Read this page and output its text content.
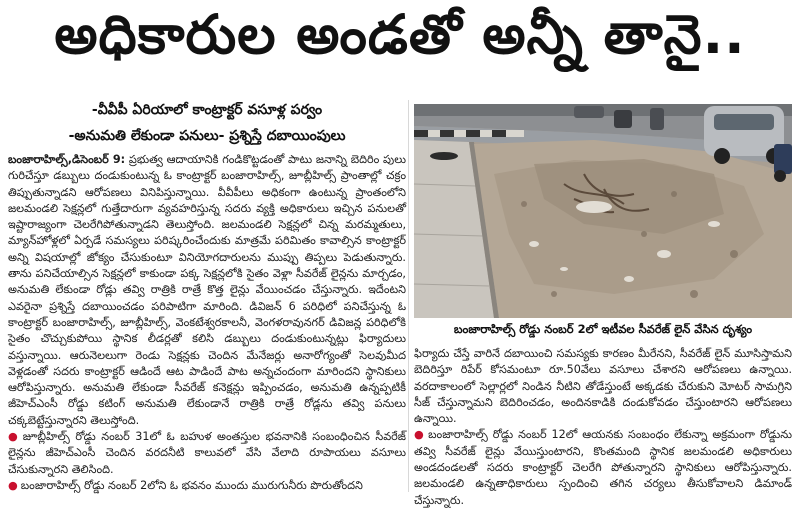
అధికారుల అండతో అన్నీ తానై..
-వీవీపీ ఏరియాలో కాంట్రాక్టర్ వసూళ్ల పర్వం
-అనుమతి లేకుండా పనులు- ప్రశ్నిస్తే దబాయింపులు

బంజారాహిల్స్,డిసెంబర్ 9: ప్రభుత్వ ఆదాయానికి గండికొట్టడంతో పాటు జనాన్ని బెదిరిం పులు గురిచేస్తూ డబ్బులు దండుకుంటున్న ఓ కాంట్రాక్టర్ బంజారాహిల్స్, జూబ్లీహిల్స్ ప్రాంతాల్లో చక్రం తిప్పుతున్నాడని ఆరోపణలు వినిపిస్తున్నాయి. వీవీపీలు అధికంగా ఉంటున్న ప్రాంతంలోని జలమండలి సెక్షన్లలో గుత్తేదారుగా వ్యవహరిస్తున్న సదరు వ్యక్తి అధికారులు ఇచ్చిన పనులతో ఇష్టారాజ్యంగా చెలరేగిపోతున్నాడని తెలుస్తోంది. జలమండలి సెక్షన్లలో చిన్న మరమ్మతులు, మ్యాన్‌హోళ్లలో ఏర్పడే సమస్యలు పరిష్కరించేందుకు మాత్రమే పరిమితం కావాల్సిన కాంట్రాక్టర్ అన్ని విషయాల్లో జోక్యం చేసుకుంటూ వినియోగదారులను ముప్పు తిప్పలు పెడుతున్నారు. తాను పనిచేయాల్సిన సెక్షన్లలో కాకుండా పక్క సెక్షన్లలోకి సైతం వెళ్లా సీవరేజ్ లైన్లను మార్చడం, అనుమతి లేకుండా రోడ్లు తవ్వి రాత్రికి రాత్రే కొత్త లైన్లు వేయించడం చేస్తున్నారు. ఇదేంటని ఎవరైనా ప్రశ్నిస్తే దబాయించడం పరిపాటిగా మారింది. డివిజన్ 6 పరిధిలో పనిచేస్తున్న ఓ కాంట్రాక్టర్ బంజారాహిల్స్, జూబ్లీహిల్స్, వెంకటేశ్వరకాలనీ, వెంగళరావునగర్ డివిజన్ల పరిధిలోకి సైతం చొచ్చుకుపోయి స్థానిక లీడర్లతో కలిసి డబ్బులు దండుకుంటున్నట్లు ఫిర్యాదులు వస్తున్నాయి. ఆరునెలలుగా రెండు సెక్షన్లకు చెందిన మేనేజర్లు అనారోగ్యంతో సెలవుమీద వెళ్లడంతో సదరు కాంట్రాక్టర్ ఆడిందే ఆట పాడిందే పాట అన్నచందంగా మారిందని స్థానికులు ఆరోపిస్తున్నారు. అనుమతి లేకుండా సీవరేజ్ కనెక్షన్లు ఇప్పించడం, అనుమతి ఉన్నప్పటికీ జీహెచ్‌ఎంసీ రోడ్డు కటింగ్ అనుమతి లేకుండానే రాత్రికి రాత్రే రోడ్లను తవ్వి పనులు చక్కబెట్టేస్తున్నారని తెలుస్తోంది.

● జూబ్లీహిల్స్ రోడ్డు నంబర్ 31లో ఓ బహుళ అంతస్తుల భవనానికి సంబంధించిన సీవరేజ్ లైన్లను జీహెచ్‌ఎంసీ చెందిన వరదనీటి కాలువలో వేసి వేలాది రూపాయలు వసూలు చేసుకున్నారని తెలిసింది.

● బంజారాహిల్స్ రోడ్డు నంబర్ 2లోని ఓ భవనం ముందు మురుగునీరు పొరుతోందని

బంజారాహిల్స్ రోడ్డు నంబర్ 2లో ఇటీవల సీవరేజ్ లైన్ వేసిన దృశ్యం

ఫిర్యాదు చేస్తే వారినే దబాయించి సమస్యకు కారణం మీరేనని, సీవరేజ్ లైన్ మూసిస్తామని బెదిరిస్తూ రిపేర్ కోసమంటూ రూ.50వేలు వసూలు చేశారని ఆరోపణలు ఉన్నాయి. వరదాకాలంలో సెల్లార్లలో నిండిన నీటిని తోడేస్తుంటే అక్కడకు చేరుకుని మోటర్ సామగ్రిని సీజ్ చేస్తున్నామని బెదిరించడం, అందినకాడికి దండుకోవడం చేస్తుంటారని ఆరోపణలు ఉన్నాయి.

● బంజారాహిల్స్ రోడ్డు నంబర్ 12లో ఆయనకు సంబంధం లేకున్నా అక్రమంగా రోడ్డును తవ్వి సీవరేజ్ లైన్లు వేయిస్తుంటారని, కొంతమంది స్థానిక జలమండలి అధికారులు అండదండలతో సదరు కాంట్రాక్టర్ చెలరేగి పోతున్నారని స్థానికులు ఆరోపిస్తున్నారు. జలమండలి ఉన్నతాధికారులు స్పందించి తగిన చర్యలు తీసుకోవాలని డిమాండ్ చేస్తున్నారు.
